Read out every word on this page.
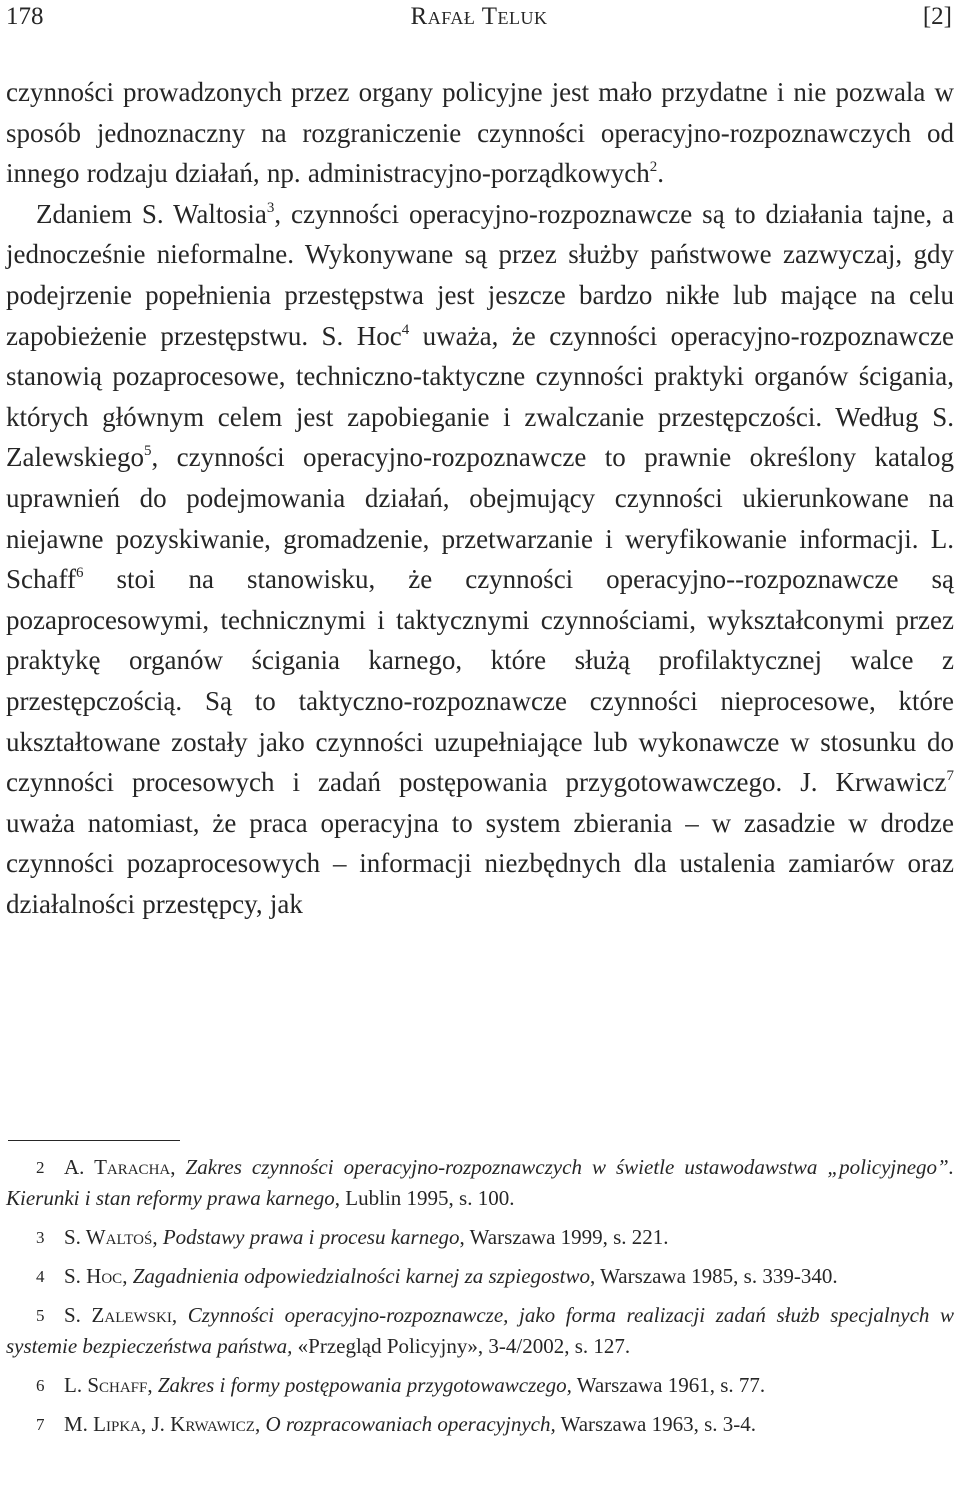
178	Rafał Teluk	[2]

czynności prowadzonych przez organy policyjne jest mało przydatne i nie pozwala w sposób jednoznaczny na rozgraniczenie czynności operacyjno-rozpoznawczych od innego rodzaju działań, np. administracyjno-porządkowych$^2$.

Zdaniem S. Waltosia$^3$, czynności operacyjno-rozpoznawcze są to działania tajne, a jednocześnie nieformalne. Wykonywane są przez służby państwowe zazwyczaj, gdy podejrzenie popełnienia przestępstwa jest jeszcze bardzo nikłe lub mające na celu zapobieżenie przestępstwu. S. Hoc$^4$ uważa, że czynności operacyjno-rozpoznawcze stanowią pozaprocesowe, techniczno-taktyczne czynności praktyki organów ścigania, których głównym celem jest zapobieganie i zwalczanie przestępczości. Według S. Zalewskiego$^5$, czynności operacyjno-rozpoznawcze to prawnie określony katalog uprawnień do podejmowania działań, obejmujący czynności ukierunkowane na niejawne pozyskiwanie, gromadzenie, przetwarzanie i weryfikowanie informacji. L. Schaff$^6$ stoi na stanowisku, że czynności operacyjno--rozpoznawcze są pozaprocesowymi, technicznymi i taktycznymi czynnościami, wykształconymi przez praktykę organów ścigania karnego, które służą profilaktycznej walce z przestępczością. Są to taktyczno-rozpoznawcze czynności nieprocesowe, które ukształtowane zostały jako czynności uzupełniające lub wykonawcze w stosunku do czynności procesowych i zadań postępowania przygotowawczego. J. Krwawicz$^7$ uważa natomiast, że praca operacyjna to system zbierania – w zasadzie w drodze czynności pozaprocesowych – informacji niezbędnych dla ustalenia zamiarów oraz działalności przestępcy, jak

2 A. Taracha, Zakres czynności operacyjno-rozpoznawczych w świetle ustawodawstwa „policyjnego”. Kierunki i stan reformy prawa karnego, Lublin 1995, s. 100.

3 S. Waltoś, Podstawy prawa i procesu karnego, Warszawa 1999, s. 221.

4 S. Hoc, Zagadnienia odpowiedzialności karnej za szpiegostwo, Warszawa 1985, s. 339-340.

5 S. Zalewski, Czynności operacyjno-rozpoznawcze, jako forma realizacji zadań służb specjalnych w systemie bezpieczeństwa państwa, «Przegląd Policyjny», 3-4/2002, s. 127.

6 L. Schaff, Zakres i formy postępowania przygotowawczego, Warszawa 1961, s. 77.

7 M. Lipka, J. Krwawicz, O rozpracowaniach operacyjnych, Warszawa 1963, s. 3-4.
